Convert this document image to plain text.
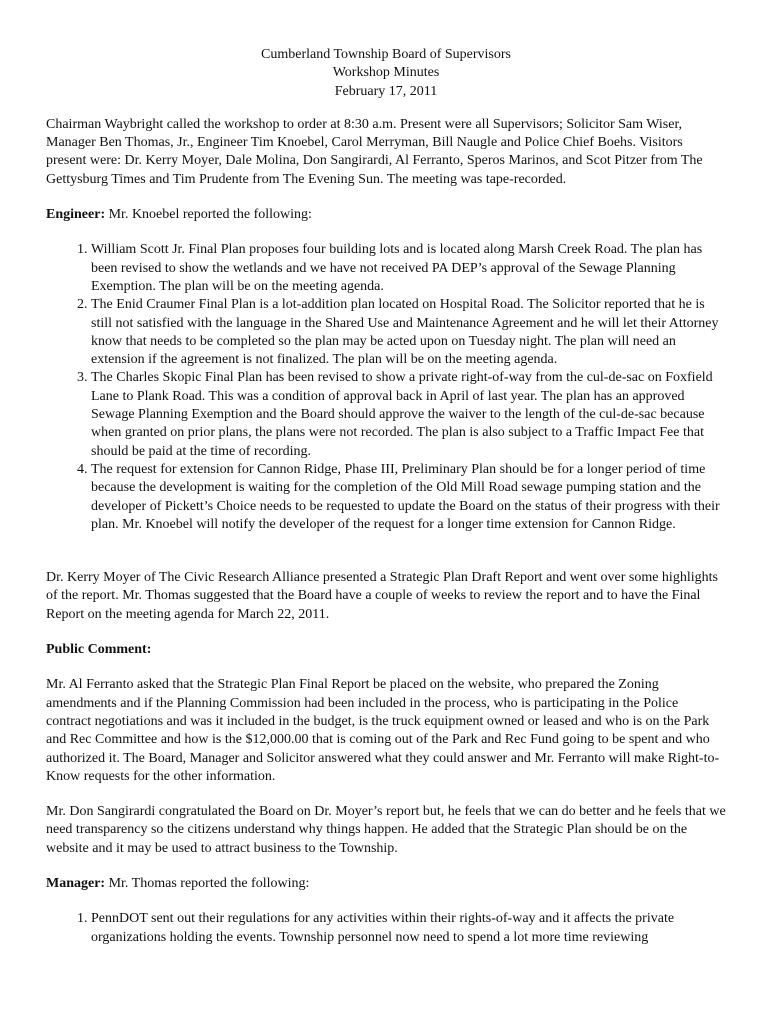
Cumberland Township Board of Supervisors
Workshop Minutes
February 17, 2011

Chairman Waybright called the workshop to order at 8:30 a.m. Present were all Supervisors; Solicitor Sam Wiser, Manager Ben Thomas, Jr., Engineer Tim Knoebel, Carol Merryman, Bill Naugle and Police Chief Boehs. Visitors present were: Dr. Kerry Moyer, Dale Molina, Don Sangirardi, Al Ferranto, Speros Marinos, and Scot Pitzer from The Gettysburg Times and Tim Prudente from The Evening Sun. The meeting was tape-recorded.

Engineer: Mr. Knoebel reported the following:

1. William Scott Jr. Final Plan proposes four building lots and is located along Marsh Creek Road. The plan has been revised to show the wetlands and we have not received PA DEP’s approval of the Sewage Planning Exemption. The plan will be on the meeting agenda.
2. The Enid Craumer Final Plan is a lot-addition plan located on Hospital Road. The Solicitor reported that he is still not satisfied with the language in the Shared Use and Maintenance Agreement and he will let their Attorney know that needs to be completed so the plan may be acted upon on Tuesday night. The plan will need an extension if the agreement is not finalized. The plan will be on the meeting agenda.
3. The Charles Skopic Final Plan has been revised to show a private right-of-way from the cul-de-sac on Foxfield Lane to Plank Road. This was a condition of approval back in April of last year. The plan has an approved Sewage Planning Exemption and the Board should approve the waiver to the length of the cul-de-sac because when granted on prior plans, the plans were not recorded. The plan is also subject to a Traffic Impact Fee that should be paid at the time of recording.
4. The request for extension for Cannon Ridge, Phase III, Preliminary Plan should be for a longer period of time because the development is waiting for the completion of the Old Mill Road sewage pumping station and the developer of Pickett’s Choice needs to be requested to update the Board on the status of their progress with their plan. Mr. Knoebel will notify the developer of the request for a longer time extension for Cannon Ridge.

Dr. Kerry Moyer of The Civic Research Alliance presented a Strategic Plan Draft Report and went over some highlights of the report. Mr. Thomas suggested that the Board have a couple of weeks to review the report and to have the Final Report on the meeting agenda for March 22, 2011.

Public Comment:

Mr. Al Ferranto asked that the Strategic Plan Final Report be placed on the website, who prepared the Zoning amendments and if the Planning Commission had been included in the process, who is participating in the Police contract negotiations and was it included in the budget, is the truck equipment owned or leased and who is on the Park and Rec Committee and how is the $12,000.00 that is coming out of the Park and Rec Fund going to be spent and who authorized it. The Board, Manager and Solicitor answered what they could answer and Mr. Ferranto will make Right-to-Know requests for the other information.

Mr. Don Sangirardi congratulated the Board on Dr. Moyer’s report but, he feels that we can do better and he feels that we need transparency so the citizens understand why things happen. He added that the Strategic Plan should be on the website and it may be used to attract business to the Township.

Manager: Mr. Thomas reported the following:

1. PennDOT sent out their regulations for any activities within their rights-of-way and it affects the private organizations holding the events. Township personnel now need to spend a lot more time reviewing
